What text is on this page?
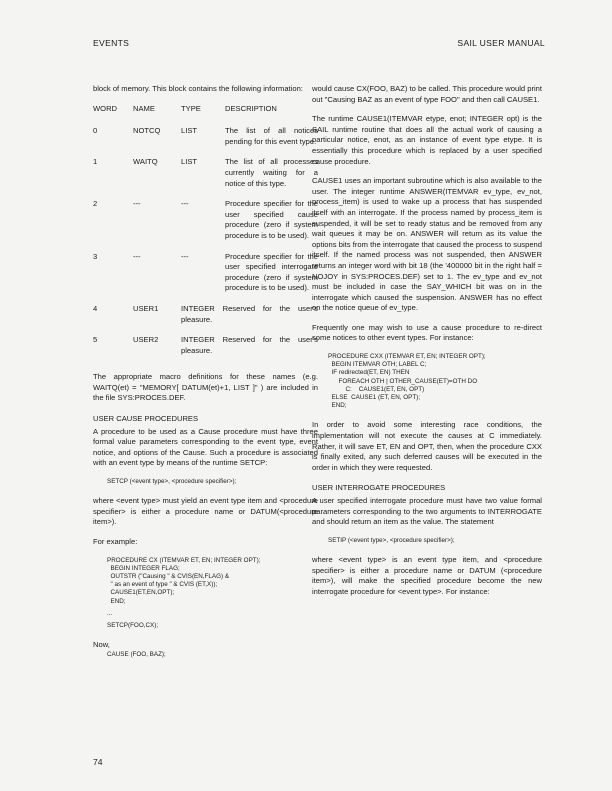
EVENTS	SAIL USER MANUAL

block of memory. This block contains the following information:

WORD	NAME	TYPE	DESCRIPTION
0	NOTCQ	LIST	The list of all notices pending for this event type.
1	WAITQ	LIST	The list of all processes currently waiting for a notice of this type.
2	---	---	Procedure specifier for the user specified cause procedure (zero if system procedure is to be used).
3	---	---	Procedure specifier for the user specified interrogate procedure (zero if system procedure is to be used).
4	USER1	INTEGER Reserved for the user's pleasure.	
5	USER2	INTEGER Reserved for the user's pleasure.	

The appropriate macro definitions for these names (e.g. WAITQ(et) = "MEMORY[ DATUM(et)+1, LIST ]" ) are included in the file SYS:PROCES.DEF.

USER CAUSE PROCEDURES

A procedure to be used as a Cause procedure must have three formal value parameters corresponding to the event type, event notice, and options of the Cause. Such a procedure is associated with an event type by means of the runtime SETCP:

SETCP (<event type>, <procedure specifier>);

where <event type> must yield an event type item and <procedure specifier> is either a procedure name or DATUM(<procedure item>).

For example:

PROCEDURE CX (ITEMVAR ET, EN; INTEGER OPT);
BEGIN INTEGER FLAG;
OUTSTR ("Causing " & CVIS(EN,FLAG) &
" as an event of type " & CVIS (ET,X));
CAUSE1(ET,EN,OPT);
END;
...
SETCP(FOO,CX);
Now,
CAUSE (FOO, BAZ);

would cause CX(FOO, BAZ) to be called. This procedure would print out "Causing BAZ as an event of type FOO" and then call CAUSE1.

The runtime CAUSE1(ITEMVAR etype, enot; INTEGER opt) is the SAIL runtime routine that does all the actual work of causing a particular notice, enot, as an instance of event type etype. It is essentially this procedure which is replaced by a user specified cause procedure.

CAUSE1 uses an important subroutine which is also available to the user. The integer runtime ANSWER(ITEMVAR ev_type, ev_not, process_item) is used to wake up a process that has suspended itself with an interrogate. If the process named by process_item is suspended, it will be set to ready status and be removed from any wait queues it may be on. ANSWER will return as its value the options bits from the interrogate that caused the process to suspend itself. If the named process was not suspended, then ANSWER returns an integer word with bit 18 (the '400000 bit in the right half = NOJOY in SYS:PROCES.DEF) set to 1. The ev_type and ev_not must be included in case the SAY_WHICH bit was on in the interrogate which caused the suspension. ANSWER has no effect on the notice queue of ev_type.

Frequently one may wish to use a cause procedure to re-direct some notices to other event types. For instance:

PROCEDURE CXX (ITEMVAR ET, EN; INTEGER OPT);
BEGIN ITEMVAR OTH; LABEL C;
IF redirected(ET, EN) THEN
FOREACH OTH | OTHER_CAUSE(ET)=OTH DO
C:    CAUSE1(ET, EN, OPT)
ELSE  CAUSE1 (ET, EN, OPT);
END;

In order to avoid some interesting race conditions, the implementation will not execute the causes at C immediately. Rather, it will save ET, EN and OPT, then, when the procedure CXX is finally exited, any such deferred causes will be executed in the order in which they were requested.

USER INTERROGATE PROCEDURES

A user specified interrogate procedure must have two value formal parameters corresponding to the two arguments to INTERROGATE and should return an item as the value. The statement

SETIP (<event type>, <procedure specifier>);

where <event type> is an event type item, and <procedure specifier> is either a procedure name or DATUM (<procedure item>), will make the specified procedure become the new interrogate procedure for <event type>. For instance:

74
